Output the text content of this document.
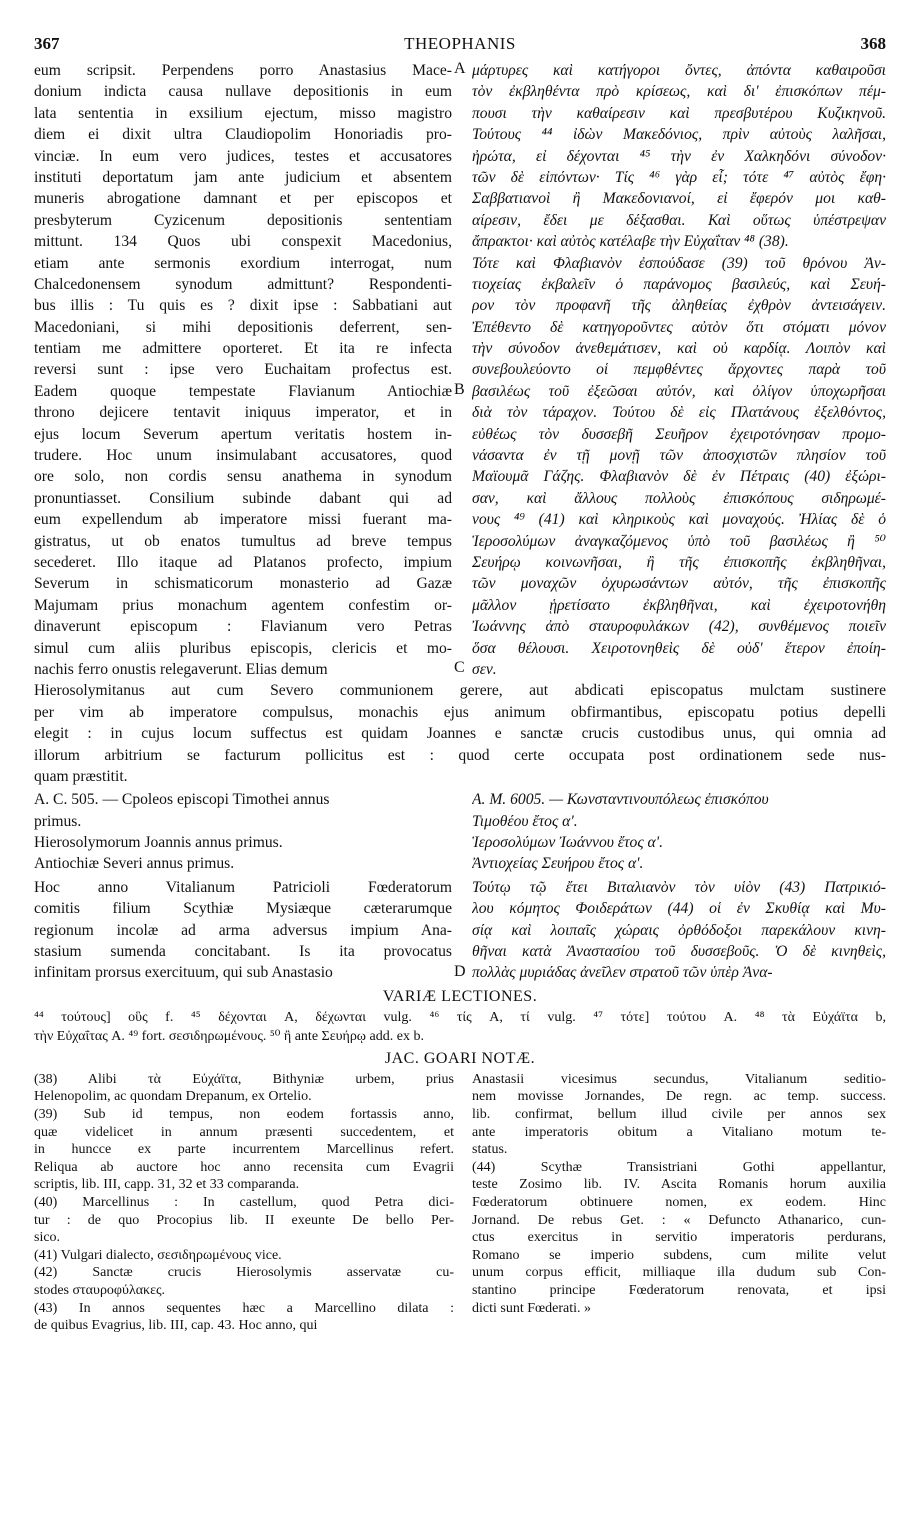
367	THEOPHANIS	368
eum scripsit. Perpendens porro Anastasius Mace-
donium indicta causa nullave depositionis in eum
lata sententia in exsilium ejectum, misso magistro
diem ei dixit ultra Claudiopolim Honoriadis pro-
vinciæ. In eum vero judices, testes et accusatores
instituti deportatum jam ante judicium et absentem
muneris abrogatione damnant et per episcopos et
presbyterum Cyzicenum depositionis sententiam
mittunt. 134 Quos ubi conspexit Macedonius,
etiam ante sermonis exordium interrogat, num
Chalcedonensem synodum admittunt? Respondenti-
bus illis : Tu quis es ? dixit ipse : Sabbatiani aut
Macedoniani, si mihi depositionis deferrent, sen-
tentiam me admittere oporteret. Et ita re infecta
reversi sunt : ipse vero Euchaitam profectus est.
Eadem quoque tempestate Flavianum Antiochiæ
throno dejicere tentavit iniquus imperator, et in
ejus locum Severum apertum veritatis hostem in-
trudere. Hoc unum insimulabant accusatores, quod
ore solo, non cordis sensu anathema in synodum
pronuntiasset. Consilium subinde dabant qui ad
eum expellendum ab imperatore missi fuerant ma-
gistratus, ut ob enatos tumultus ad breve tempus
secederet. Illo itaque ad Platanos profecto, impium
Severum in schismaticorum monasterio ad Gazæ
Majumam prius monachum agentem confestim or-
dinaverunt episcopum : Flavianum vero Petras
simul cum aliis pluribus episcopis, clericis et mo-
nachis ferro onustis relegaverunt. Elias demum
A
B
C
μάρτυρες καὶ κατήγοροι ὄντες, ἀπόντα καθαιροῦσι
τὸν ἐκβληθέντα πρὸ κρίσεως, καὶ δι' ἐπισκόπων πέμ-
πουσι τὴν καθαίρεσιν καὶ πρεσβυτέρου Κυζικηνοῦ.
Τούτους ⁴⁴ ἰδὼν Μακεδόνιος, πρὶν αὐτοὺς λαλῆσαι,
ἠρώτα, εἰ δέχονται ⁴⁵ τὴν ἐν Χαλκηδόνι σύνοδον·
τῶν δὲ εἰπόντων· Τίς ⁴⁶ γὰρ εἶ; τότε ⁴⁷ αὐτὸς ἔφη·
Σαββατιανοὶ ἢ Μακεδονιανοί, εἰ ἔφερόν μοι καθ-
αίρεσιν, ἔδει με δέξασθαι. Καὶ οὕτως ὑπέστρεψαν
ἄπρακτοι· καὶ αὐτὸς κατέλαβε τὴν Εὐχαΐταν ⁴⁸ (38).
Τότε καὶ Φλαβιανὸν ἐσπούδασε (39) τοῦ θρόνου Ἀν-
τιοχείας ἐκβαλεῖν ὁ παράνομος βασιλεύς, καὶ Σευή-
ρον τὸν προφανῆ τῆς ἀληθείας ἐχθρὸν ἀντεισάγειν.
Ἐπέθεντο δὲ κατηγοροῦντες αὐτὸν ὅτι στόματι μόνον
τὴν σύνοδον ἀνεθεμάτισεν, καὶ οὐ καρδίᾳ. Λοιπὸν καὶ
συνεβουλεύοντο οἱ πεμφθέντες ἄρχοντες παρὰ τοῦ
βασιλέως τοῦ ἐξεῶσαι αὐτόν, καὶ ὀλίγον ὑποχωρῆσαι
διὰ τὸν τάραχον. Τούτου δὲ εἰς Πλατάνους ἐξελθόντος,
εὐθέως τὸν δυσσεβῆ Σευῆρον ἐχειροτόνησαν προμο-
νάσαντα ἐν τῇ μονῇ τῶν ἀποσχιστῶν πλησίον τοῦ
Μαϊουμᾶ Γάζης. Φλαβιανὸν δὲ ἐν Πέτραις (40) ἐξώρι-
σαν, καὶ ἄλλους πολλοὺς ἐπισκόπους σιδηρωμέ-
νους ⁴⁹ (41) καὶ κληρικοὺς καὶ μοναχούς. Ἠλίας δὲ ὁ
Ἱεροσολύμων ἀναγκαζόμενος ὑπὸ τοῦ βασιλέως ἢ ⁵⁰
Σευήρῳ κοινωνῆσαι, ἢ τῆς ἐπισκοπῆς ἐκβληθῆναι,
τῶν μοναχῶν ὀχυρωσάντων αὐτόν, τῆς ἐπισκοπῆς
μᾶλλον ᾑρετίσατο ἐκβληθῆναι, καὶ ἐχειροτονήθη
Ἰωάννης ἀπὸ σταυροφυλάκων (42), συνθέμενος ποιεῖν
ὅσα θέλουσι. Χειροτονηθεὶς δὲ οὐδ' ἕτερον ἐποίη-
σεν.
Hierosolymitanus aut cum Severo communionem gerere, aut abdicati episcopatus mulctam sustinere
per vim ab imperatore compulsus, monachis ejus animum obfirmantibus, episcopatu potius depelli
elegit : in cujus locum suffectus est quidam Joannes e sanctæ crucis custodibus unus, qui omnia ad
illorum arbitrium se facturum pollicitus est : quod certe occupata post ordinationem sede nus-
quam præstitit.
A. C. 505. — Cpoleos episcopi Timothei annus
primus.
Hierosolymorum Joannis annus primus.
Antiochiæ Severi annus primus.
A. M. 6005. — Κωνσταντινουπόλεως ἐπισκόπου
Τιμοθέου ἔτος α'.
Ἱεροσολύμων Ἰωάννου ἔτος α'.
Ἀντιοχείας Σευήρου ἔτος α'.
Hoc anno Vitalianum Patricioli Fœderatorum
comitis filium Scythiæ Mysiæque cæterarumque
regionum incolæ ad arma adversus impium Ana-
stasium sumenda concitabant. Is ita provocatus
infinitam prorsus exercituum, qui sub Anastasio	D
Τούτῳ τῷ ἔτει Βιταλιανὸν τὸν υἱὸν (43) Πατρικιό-
λου κόμητος Φοιδεράτων (44) οἱ ἐν Σκυθίᾳ καὶ Μυ-
σίᾳ καὶ λοιπαῖς χώραις ὀρθόδοξοι παρεκάλουν κινη-
θῆναι κατὰ Ἀναστασίου τοῦ δυσσεβοῦς. Ὁ δὲ κινηθεὶς,
πολλὰς μυριάδας ἀνεῖλεν στρατοῦ τῶν ὑπὲρ Ἀνα-
VARIÆ LECTIONES.
⁴⁴ τούτους] οὓς f. ⁴⁵ δέχονται A, δέχωνται vulg. ⁴⁶ τίς A, τί vulg. ⁴⁷ τότε] τούτου A. ⁴⁸ τὰ Εὐχάϊτα b,
τὴν Εὐχαΐτας A. ⁴⁹ fort. σεσιδηρωμένους. ⁵⁰ ἢ ante Σευήρῳ add. ex b.
JAC. GOARI NOTÆ.
(38) Alibi τὰ Εὐχάϊτα, Bithyniæ urbem, prius
Helenopolim, ac quondam Drepanum, ex Ortelio.
(39) Sub id tempus, non eodem fortassis anno,
quæ videlicet in annum præsenti succedentem, et
in huncce ex parte incurrentem Marcellinus refert.
Reliqua ab auctore hoc anno recensita cum Evagrii
scriptis, lib. III, capp. 31, 32 et 33 comparanda.
(40) Marcellinus : In castellum, quod Petra dici-
tur : de quo Procopius lib. II exeunte De bello Per-
sico.
(41) Vulgari dialecto, σεσιδηρωμένους vice.
(42) Sanctæ crucis Hierosolymis asservatæ cu-
stodes σταυροφύλακες.
(43) In annos sequentes hæc a Marcellino dilata :
de quibus Evagrius, lib. III, cap. 43. Hoc anno, qui
Anastasii vicesimus secundus, Vitalianum seditio-
nem movisse Jornandes, De regn. ac temp. success.
lib. confirmat, bellum illud civile per annos sex
ante imperatoris obitum a Vitaliano motum te-
status.
(44) Scythæ Transistriani Gothi appellantur,
teste Zosimo lib. IV. Ascita Romanis horum auxilia
Fœderatorum obtinuere nomen, ex eodem. Hinc
Jornand. De rebus Get. : « Defuncto Athanarico, cun-
ctus exercitus in servitio imperatoris perdurans,
Romano se imperio subdens, cum milite velut
unum corpus efficit, milliaque illa dudum sub Con-
stantino principe Fœderatorum renovata, et ipsi
dicti sunt Fœderati. »
